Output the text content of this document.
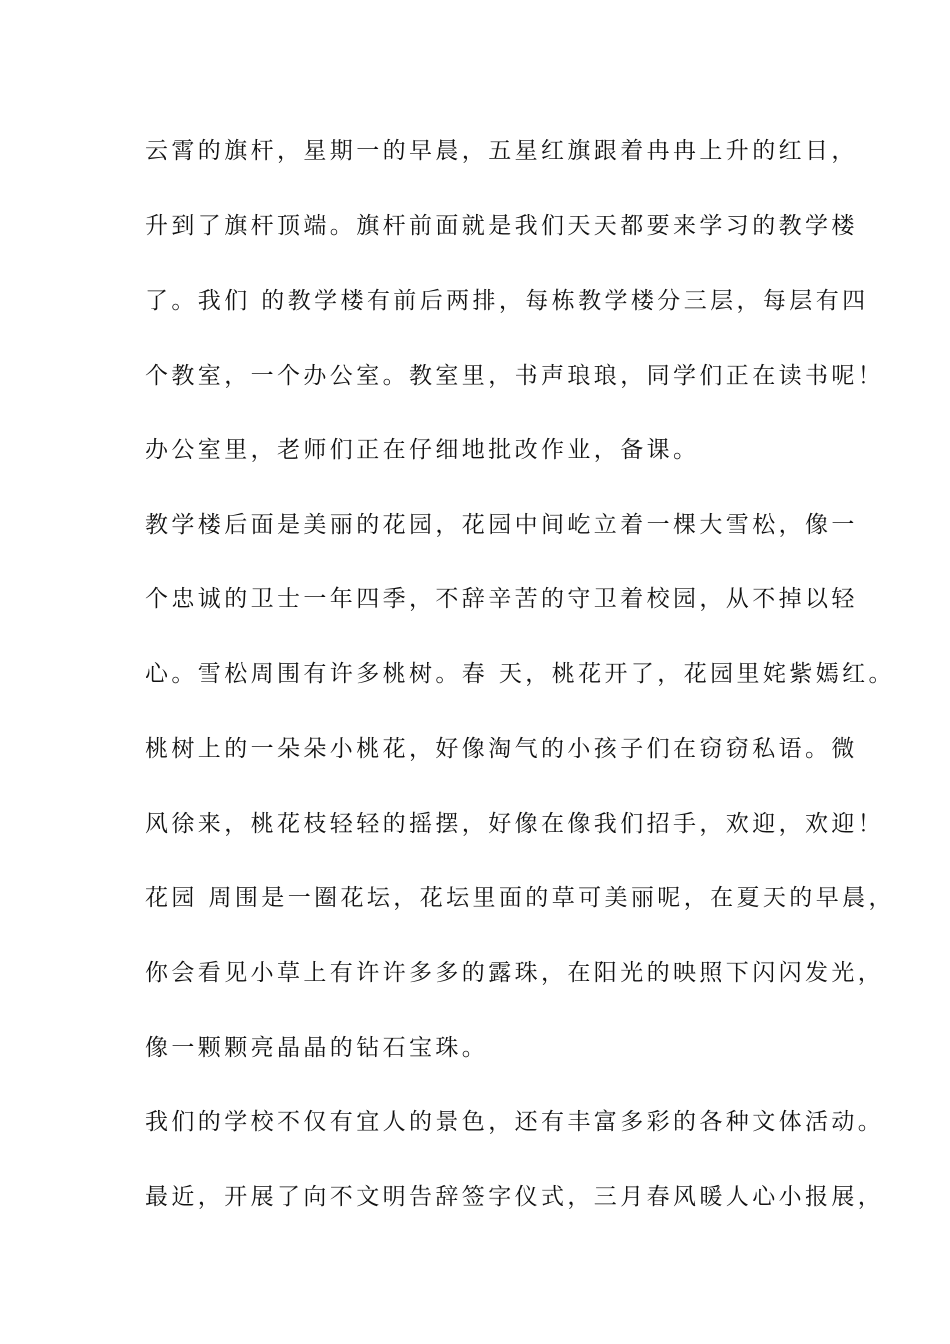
云霄的旗杆，星期一的早晨，五星红旗跟着冉冉上升的红日，
升到了旗杆顶端。旗杆前面就是我们天天都要来学习的教学楼
了。我们 的教学楼有前后两排，每栋教学楼分三层，每层有四
个教室，一个办公室。教室里，书声琅琅，同学们正在读书呢！
办公室里，老师们正在仔细地批改作业，备课。
教学楼后面是美丽的花园，花园中间屹立着一棵大雪松，像一
个忠诚的卫士一年四季，不辞辛苦的守卫着校园，从不掉以轻
心。雪松周围有许多桃树。春 天，桃花开了，花园里姹紫嫣红。
桃树上的一朵朵小桃花，好像淘气的小孩子们在窃窃私语。微
风徐来，桃花枝轻轻的摇摆，好像在像我们招手，欢迎，欢迎！
花园 周围是一圈花坛，花坛里面的草可美丽呢，在夏天的早晨，
你会看见小草上有许许多多的露珠，在阳光的映照下闪闪发光，
像一颗颗亮晶晶的钻石宝珠。
我们的学校不仅有宜人的景色，还有丰富多彩的各种文体活动。
最近，开展了向不文明告辞签字仪式，三月春风暖人心小报展，
